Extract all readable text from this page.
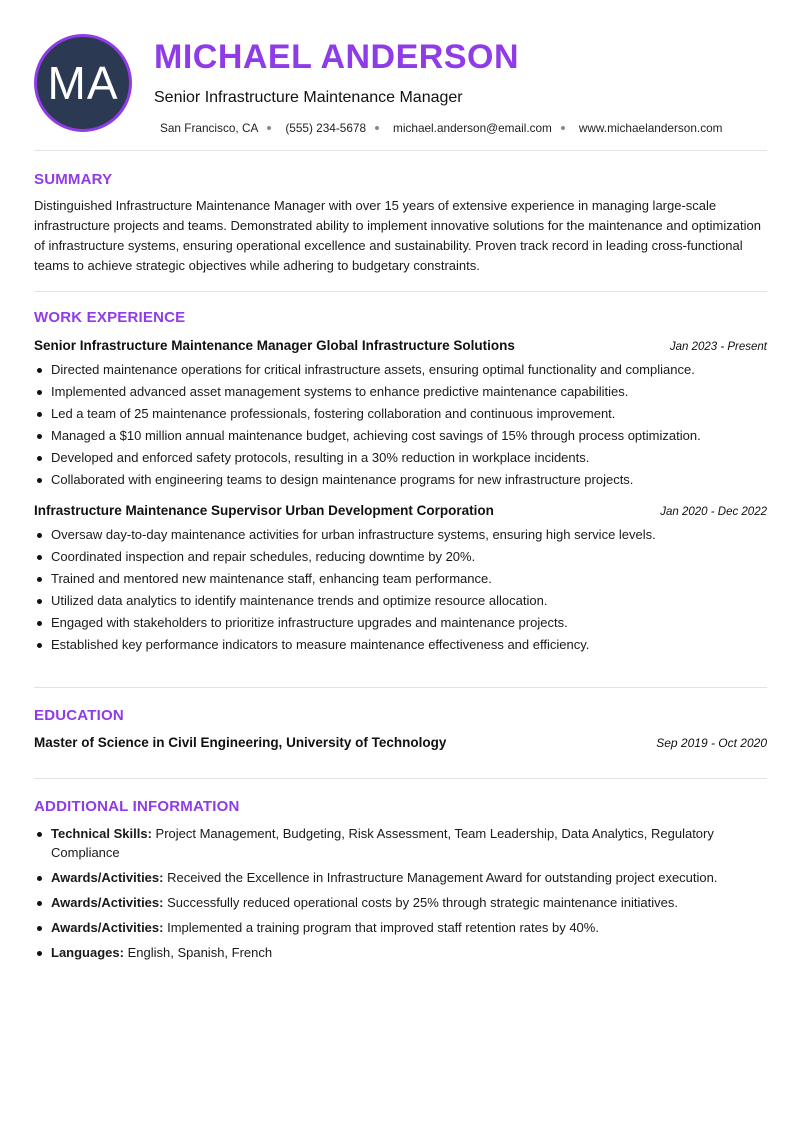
MA MICHAEL ANDERSON
Senior Infrastructure Maintenance Manager
San Francisco, CA (555) 234-5678 michael.anderson@email.com www.michaelanderson.com
SUMMARY

Distinguished Infrastructure Maintenance Manager with over 15 years of extensive experience in managing large-scale infrastructure projects and teams. Demonstrated ability to implement innovative solutions for the maintenance and optimization of infrastructure systems, ensuring operational excellence and sustainability. Proven track record in leading cross-functional teams to achieve strategic objectives while adhering to budgetary constraints.

WORK EXPERIENCE
Senior Infrastructure Maintenance Manager Global Infrastructure Solutions	Jan 2023 - Present
Directed maintenance operations for critical infrastructure assets, ensuring optimal functionality and compliance.
Implemented advanced asset management systems to enhance predictive maintenance capabilities.
Led a team of 25 maintenance professionals, fostering collaboration and continuous improvement.
Managed a $10 million annual maintenance budget, achieving cost savings of 15% through process optimization.
Developed and enforced safety protocols, resulting in a 30% reduction in workplace incidents.
Collaborated with engineering teams to design maintenance programs for new infrastructure projects.
Infrastructure Maintenance Supervisor Urban Development Corporation	Jan 2020 - Dec 2022
Oversaw day-to-day maintenance activities for urban infrastructure systems, ensuring high service levels.
Coordinated inspection and repair schedules, reducing downtime by 20%.
Trained and mentored new maintenance staff, enhancing team performance.
Utilized data analytics to identify maintenance trends and optimize resource allocation.
Engaged with stakeholders to prioritize infrastructure upgrades and maintenance projects.
Established key performance indicators to measure maintenance effectiveness and efficiency.
EDUCATION
Master of Science in Civil Engineering, University of Technology	Sep 2019 - Oct 2020
ADDITIONAL INFORMATION
Technical Skills: Project Management, Budgeting, Risk Assessment, Team Leadership, Data Analytics, Regulatory Compliance
Awards/Activities: Received the Excellence in Infrastructure Management Award for outstanding project execution.
Awards/Activities: Successfully reduced operational costs by 25% through strategic maintenance initiatives.
Awards/Activities: Implemented a training program that improved staff retention rates by 40%.
Languages: English, Spanish, French
